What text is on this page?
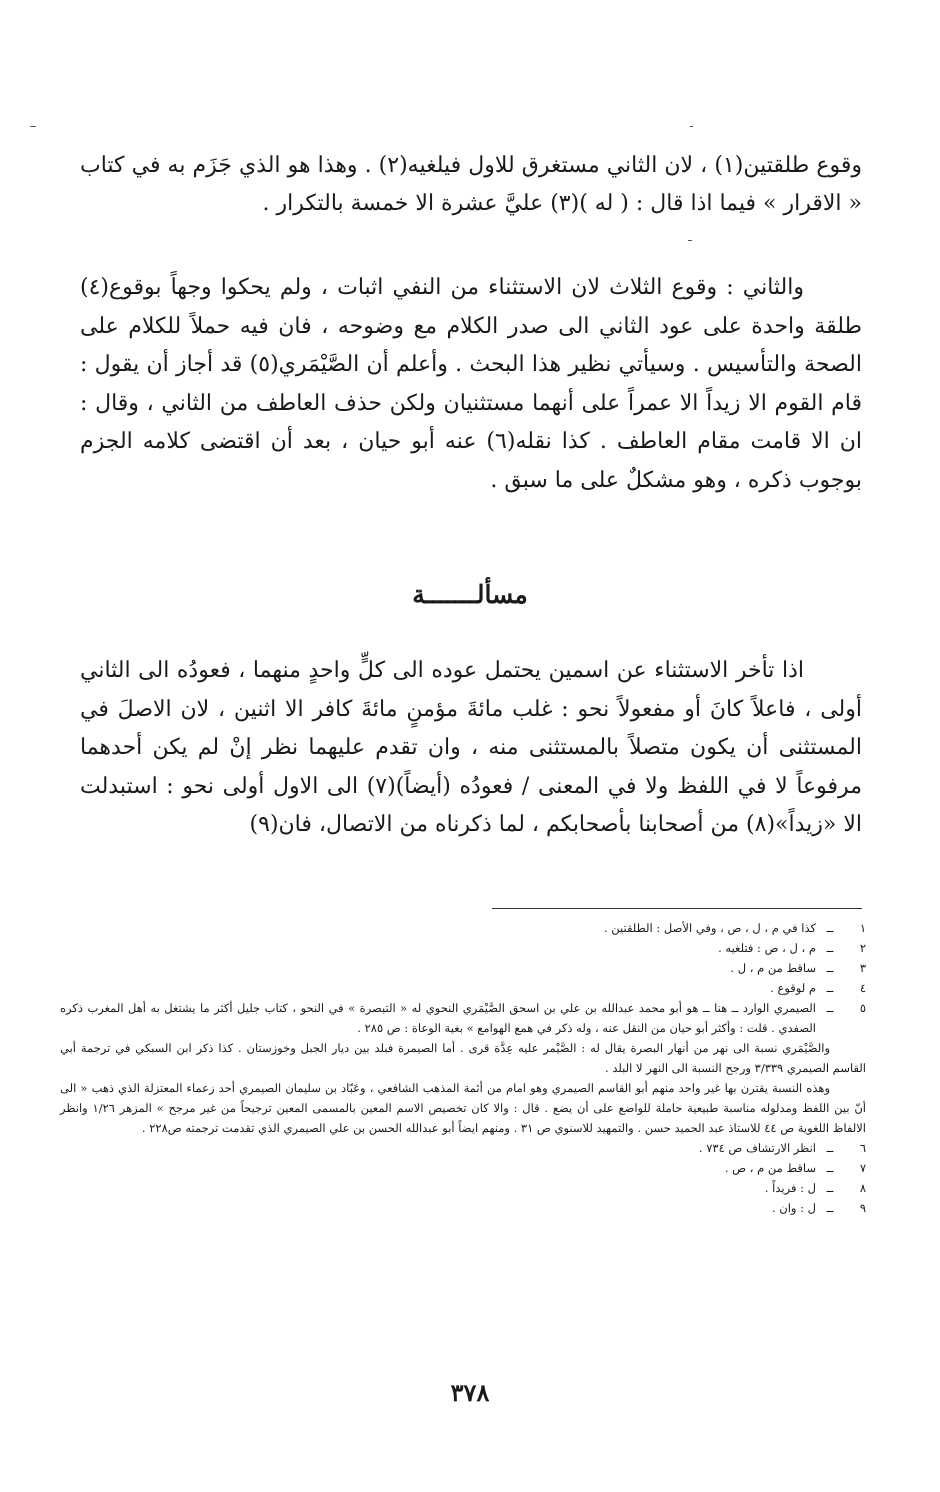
وقوع طلقتين(١) ، لان الثاني مستغرق للاول فيلغيه(٢) . وهذا هو الذي جَزَم به في كتاب « الاقرار » فيما اذا قال : ( له )(٣) عليَّ عشرة الا خمسة بالتكرار .
والثاني : وقوع الثلاث لان الاستثناء من النفي اثبات ، ولم يحكوا وجهاً بوقوع(٤) طلقة واحدة على عود الثاني الى صدر الكلام مع وضوحه ، فان فيه حملاً للكلام على الصحة والتأسيس . وسيأتي نظير هذا البحث . وأعلم أن الصَّيْمَري(٥) قد أجاز أن يقول : قام القوم الا زيداً الا عمراً على أنهما مستثنيان ولكن حذف العاطف من الثاني ، وقال : ان الا قامت مقام العاطف . كذا نقله(٦) عنه أبو حيان ، بعد أن اقتضى كلامه الجزم بوجوب ذكره ، وهو مشكلٌ على ما سبق .
مسألـــــــة
اذا تأخر الاستثناء عن اسمين يحتمل عوده الى كلٍّ واحدٍ منهما ، فعودُه الى الثاني أولى ، فاعلاً كانَ أو مفعولاً نحو : غلب مائةَ مؤمنٍ مائةَ كافر الا اثنين ، لان الاصلَ في المستثنى أن يكون متصلاً بالمستثنى منه ، وان تقدم عليهما نظر إنْ لم يكن أحدهما مرفوعاً لا في اللفظ ولا في المعنى / فعودُه (أيضاً)(٧) الى الاول أولى نحو : استبدلت الا «زيداً»(٨) من أصحابنا بأصحابكم ، لما ذكرناه من الاتصال، فان(٩)
١
ــ
كذا في م ، ل ، ص ، وفي الأصل : الطلقتين .
٢
ــ
م ، ل ، ص : فتلغيه .
٣
ــ
ساقط من م ، ل .
٤
ــ
م لوقوع .
٥
ــ
الصيمري الوارد ــ هنا ــ هو أبو محمد عبدالله بن علي بن اسحق الصَّيْمَري النحوي له « التبصرة » في النحو ، كتاب جليل أكثر ما يشتغل به أهل المغرب ذكره الصفدي . قلت : وأكثر أبو حيان من النقل عنه ، وله ذكر في همع الهوامع » بغية الوعاة : ص ٢٨٥ .
والصَّيْمَري نسبة الى نهر من أنهار البصرة يقال له : الصَّيْمر عليه عِدَّة قرى . أما الصيمرة فبلد بين ديار الجبل وخوزستان . كذا ذكر ابن السبكي في ترجمة أبي القاسم الصيمري ٣/٣٣٩ ورجح النسبة الى النهر لا البلد .
وهذه النسبة يقترن بها غير واحد منهم أبو القاسم الصيمري وهو امام من أئمة المذهب الشافعي ، وعَبّاد بن سليمان الصيمري أحد زعماء المعتزلة الذي ذهب « الى أنّ بين اللفظ ومدلوله مناسبة طبيعية حاملة للواضع على أن يضع . قال : والا كان تخصيص الاسم المعين بالمسمى المعين ترجيحاً من غير مرجح » المزهر ١/٢٦ وانظر الالفاظ اللغوية ص ٤٤ للاستاذ عبد الحميد حسن . والتمهيد للاسنوي ص ٣١ . ومنهم ايضاً أبو عبدالله الحسن بن علي الصيمري الذي تقدمت ترجمته ص٢٢٨ .
٦
ــ
انظر الارتشاف ص ٧٣٤ .
٧
ــ
ساقط من م ، ص .
٨
ــ
ل : فريداً .
٩
ــ
ل : وان .
٣٧٨
